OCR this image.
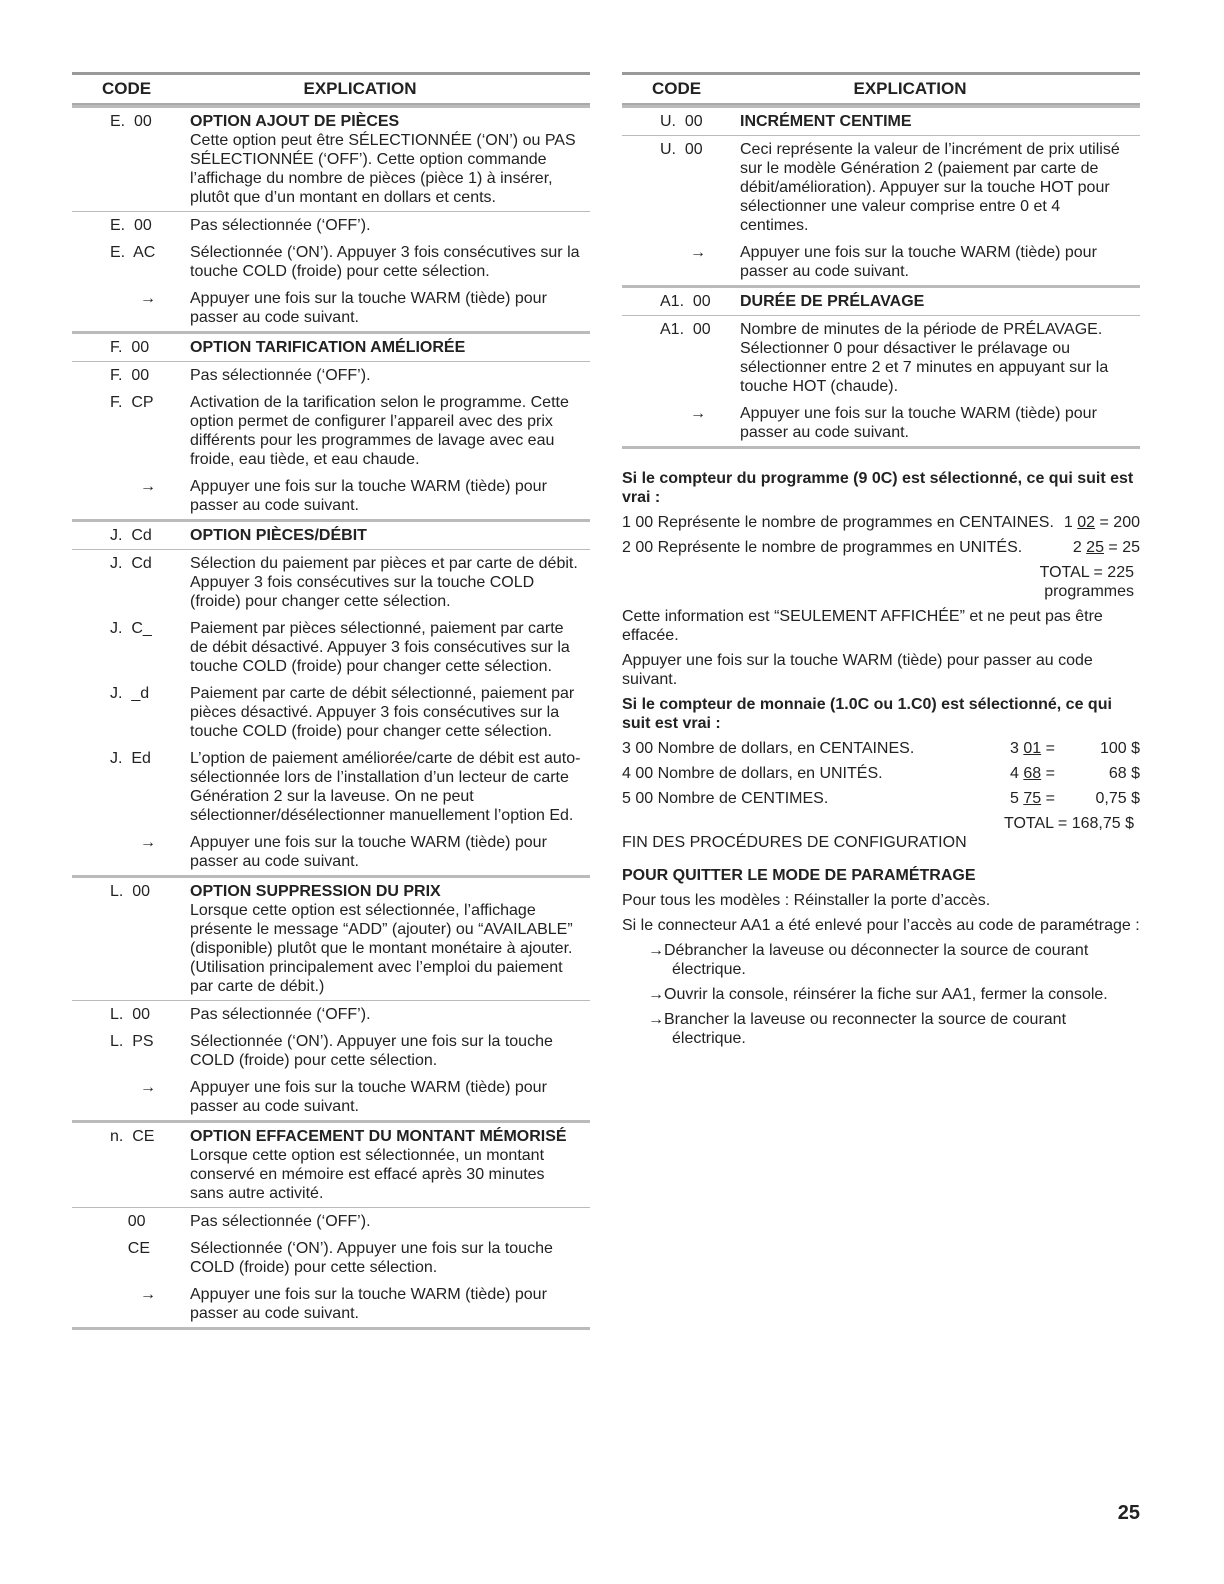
CODE	EXPLICATION
E.  00	OPTION AJOUT DE PIÈCES
Cette option peut être SÉLECTIONNÉE (‘ON’) ou PAS SÉLECTIONNÉE (‘OFF’). Cette option commande l’affichage du nombre de pièces (pièce 1) à insérer, plutôt que d’un montant en dollars et cents.
E.  00	Pas sélectionnée (‘OFF’).
E.  AC	Sélectionnée (‘ON’). Appuyer 3 fois consécutives sur la touche COLD (froide) pour cette sélection.
→	Appuyer une fois sur la touche WARM (tiède) pour passer au code suivant.
F.  00	OPTION TARIFICATION AMÉLIORÉE
F.  00	Pas sélectionnée (‘OFF’).
F.  CP	Activation de la tarification selon le programme. Cette option permet de configurer l’appareil avec des prix différents pour les programmes de lavage avec eau froide, eau tiède, et eau chaude.
→	Appuyer une fois sur la touche WARM (tiède) pour passer au code suivant.
J.  Cd	OPTION PIÈCES/DÉBIT
J.  Cd	Sélection du paiement par pièces et par carte de débit. Appuyer 3 fois consécutives sur la touche COLD (froide) pour changer cette sélection.
J.  C_	Paiement par pièces sélectionné, paiement par carte de débit désactivé. Appuyer 3 fois consécutives sur la touche COLD (froide) pour changer cette sélection.
J.  _d	Paiement par carte de débit sélectionné, paiement par pièces désactivé. Appuyer 3 fois consécutives sur la touche COLD (froide) pour changer cette sélection.
J.  Ed	L’option de paiement améliorée/carte de débit est auto-sélectionnée lors de l’installation d’un lecteur de carte Génération 2 sur la laveuse. On ne peut sélectionner/désélectionner manuellement l’option Ed.
→	Appuyer une fois sur la touche WARM (tiède) pour passer au code suivant.
L.  00	OPTION SUPPRESSION DU PRIX
Lorsque cette option est sélectionnée, l’affichage présente le message “ADD” (ajouter) ou “AVAILABLE” (disponible) plutôt que le montant monétaire à ajouter. (Utilisation principalement avec l’emploi du paiement par carte de débit.)
L.  00	Pas sélectionnée (‘OFF’).
L.  PS	Sélectionnée (‘ON’). Appuyer une fois sur la touche COLD (froide) pour cette sélection.
→	Appuyer une fois sur la touche WARM (tiède) pour passer au code suivant.
n.  CE	OPTION EFFACEMENT DU MONTANT MÉMORISÉ
Lorsque cette option est sélectionnée, un montant conservé en mémoire est effacé après 30 minutes sans autre activité.
00	Pas sélectionnée (‘OFF’).
CE	Sélectionnée (‘ON’). Appuyer une fois sur la touche COLD (froide) pour cette sélection.
→	Appuyer une fois sur la touche WARM (tiède) pour passer au code suivant.
CODE	EXPLICATION
U.  00	INCRÉMENT CENTIME
U.  00	Ceci représente la valeur de l’incrément de prix utilisé sur le modèle Génération 2 (paiement par carte de débit/amélioration). Appuyer sur la touche HOT pour sélectionner une valeur comprise entre 0 et 4 centimes.
→	Appuyer une fois sur la touche WARM (tiède) pour passer au code suivant.
A1.  00	DURÉE DE PRÉLAVAGE
A1.  00	Nombre de minutes de la période de PRÉLAVAGE. Sélectionner 0 pour désactiver le prélavage ou sélectionner entre 2 et 7 minutes en appuyant sur la touche HOT (chaude).
→	Appuyer une fois sur la touche WARM (tiède) pour passer au code suivant.

Si le compteur du programme (9 0C) est sélectionné, ce qui suit est vrai :

1 00 Représente le nombre de programmes en CENTAINES. 1 02 = 200
2 00 Représente le nombre de programmes en UNITÉS.	2 25 = 25
TOTAL = 225
programmes

Cette information est “SEULEMENT AFFICHÉE” et ne peut pas être effacée.

Appuyer une fois sur la touche WARM (tiède) pour passer au code suivant.

Si le compteur de monnaie (1.0C ou 1.C0) est sélectionné, ce qui suit est vrai :

3 00 Nombre de dollars, en CENTAINES.	3 01 =	100 $
4 00 Nombre de dollars, en UNITÉS.	4 68 =	68 $
5 00 Nombre de CENTIMES.	5 75 =	0,75 $
TOTAL = 168,75 $

FIN DES PROCÉDURES DE CONFIGURATION

POUR QUITTER LE MODE DE PARAMÉTRAGE

Pour tous les modèles : Réinstaller la porte d’accès.

Si le connecteur AA1 a été enlevé pour l’accès au code de paramétrage :

→Débrancher la laveuse ou déconnecter la source de courant électrique.

→Ouvrir la console, réinsérer la fiche sur AA1, fermer la console.

→Brancher la laveuse ou reconnecter la source de courant électrique.

25
